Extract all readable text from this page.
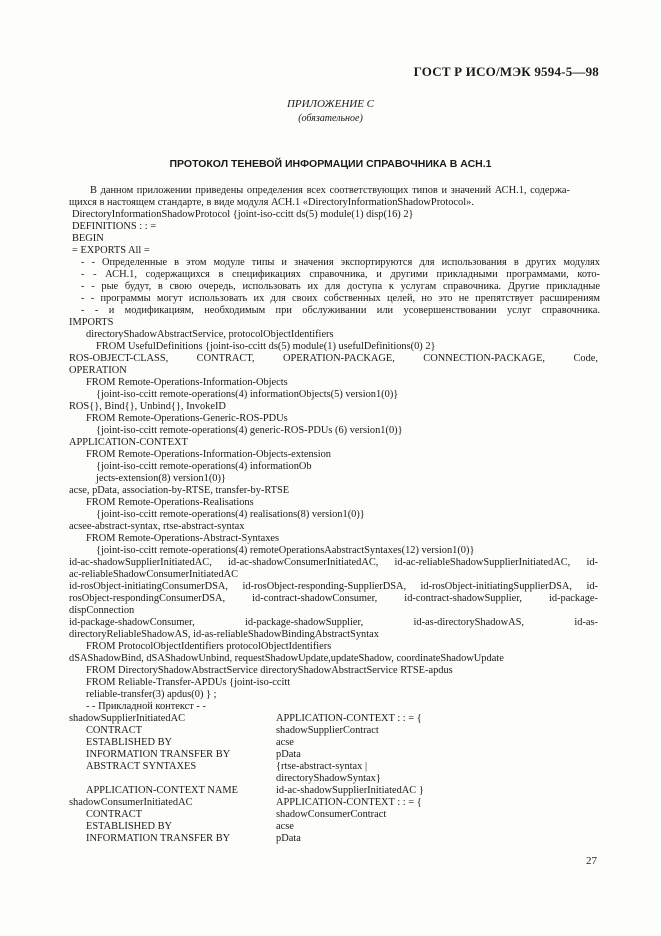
ГОСТ Р ИСО/МЭК 9594-5—98
ПРИЛОЖЕНИЕ С
(обязательное)
ПРОТОКОЛ ТЕНЕВОЙ ИНФОРМАЦИИ СПРАВОЧНИКА В АСН.1
В данном приложении приведены определения всех соответствующих типов и значений АСН.1, содержа-
щихся в настоящем стандарте, в виде модуля АСН.1 «DirectoryInformationShadowProtocol».
DirectoryInformationShadowProtocol {joint-iso-ccitt ds(5) module(1) disp(16) 2}
DEFINITIONS : : =
BEGIN
= EXPORTS All =
- - Определенные в этом модуле типы и значения экспортируются для использования в других модулях
- - АСН.1, содержащихся в спецификациях справочника, и другими прикладными программами, кото-
- - рые будут, в свою очередь, использовать их для доступа к услугам справочника. Другие прикладные
- - программы могут использовать их для своих собственных целей, но это не препятствует расширениям
- - и модификациям, необходимым при обслуживании или усовершенствовании услуг справочника.
IMPORTS
directoryShadowAbstractService, protocolObjectIdentifiers
FROM UsefulDefinitions {joint-iso-ccitt ds(5) module(1) usefulDefinitions(0) 2}
ROS-OBJECT-CLASS, CONTRACT, OPERATION-PACKAGE, CONNECTION-PACKAGE, Code,
OPERATION
FROM Remote-Operations-Information-Objects
{joint-iso-ccitt remote-operations(4) informationObjects(5) version1(0)}
ROS{}, Bind{}, Unbind{}, InvokeID
FROM Remote-Operations-Generic-ROS-PDUs
{joint-iso-ccitt remote-operations(4) generic-ROS-PDUs (6) version1(0)}
APPLICATION-CONTEXT
FROM Remote-Operations-Information-Objects-extension
{joint-iso-ccitt remote-operations(4) informationOb
jects-extension(8) version1(0)}
acse, pData, association-by-RTSE, transfer-by-RTSE
FROM Remote-Operations-Realisations
{joint-iso-ccitt remote-operations(4) realisations(8) version1(0)}
acsee-abstract-syntax, rtse-abstract-syntax
FROM Remote-Operations-Abstract-Syntaxes
{joint-iso-ccitt remote-operations(4) remoteOperationsAabstractSyntaxes(12) version1(0)}
id-ac-shadowSupplierInitiatedAC, id-ac-shadowConsumerInitiatedAC, id-ac-reliableShadowSupplierInitiatedAC, id-
ac-reliableShadowConsumerInitiatedAC
id-rosObject-initiatingConsumerDSA, id-rosObject-responding-SupplierDSA, id-rosObject-initiatingSupplierDSA, id-
rosObject-respondingConsumerDSA, id-contract-shadowConsumer, id-contract-shadowSupplier, id-package-
dispConnection
id-package-shadowConsumer, id-package-shadowSupplier, id-as-directoryShadowAS, id-as-
directoryReliableShadowAS, id-as-reliableShadowBindingAbstractSyntax
FROM ProtocolObjectIdentifiers protocolObjectIdentifiers
dSAShadowBind, dSAShadowUnbind, requestShadowUpdate,updateShadow, coordinateShadowUpdate
FROM DirectoryShadowAbstractService directoryShadowAbstractService RTSE-apdus
FROM Reliable-Transfer-APDUs {joint-iso-ccitt
reliable-transfer(3) apdus(0) } ;
- - Прикладной контекст - -
shadowSupplierInitiatedAC	APPLICATION-CONTEXT : : = {
CONTRACT	shadowSupplierContract
ESTABLISHED BY	acse
INFORMATION TRANSFER BY	pData
ABSTRACT SYNTAXES	{rtse-abstract-syntax |
directoryShadowSyntax}
APPLICATION-CONTEXT NAME	id-ac-shadowSupplierInitiatedAC }
shadowConsumerInitiatedAC	APPLICATION-CONTEXT : : = {
CONTRACT	shadowConsumerContract
ESTABLISHED BY	acse
INFORMATION TRANSFER BY	pData
27
